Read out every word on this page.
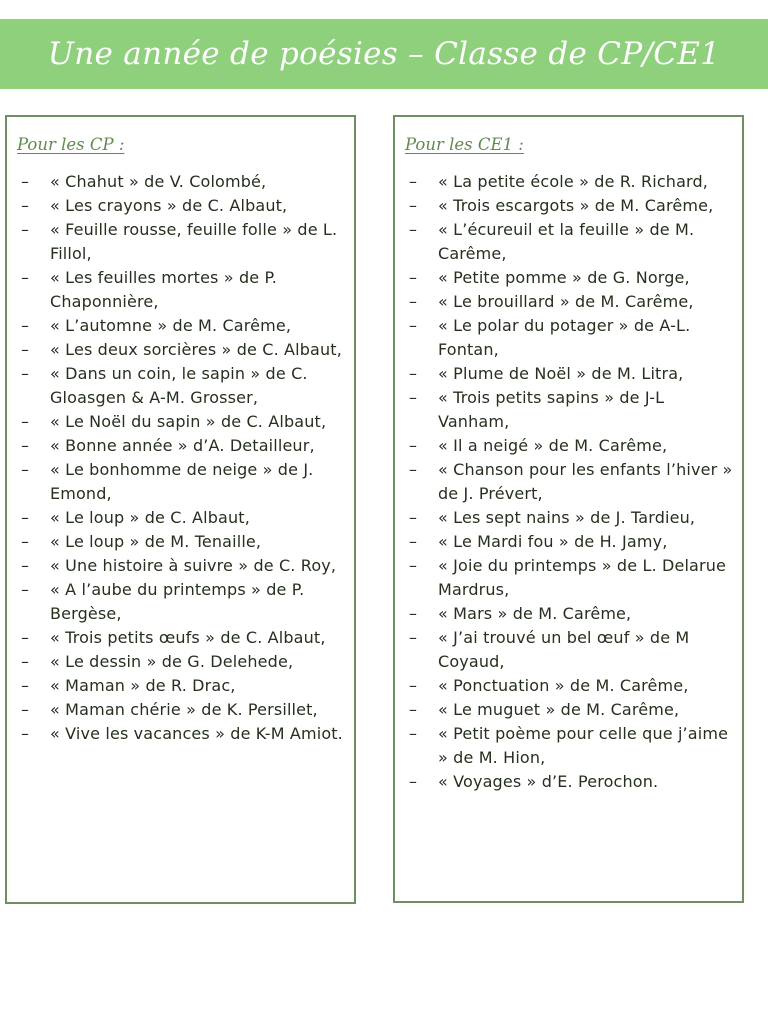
Une année de poésies – Classe de CP/CE1
Pour les CP :
– « Chahut » de V. Colombé,
– « Les crayons » de C. Albaut,
– « Feuille rousse, feuille folle » de L. Fillol,
– « Les feuilles mortes » de P. Chaponnière,
– « L’automne » de M. Carême,
– « Les deux sorcières » de C. Albaut,
– « Dans un coin, le sapin » de C. Gloasgen & A-M. Grosser,
– « Le Noël du sapin » de C. Albaut,
– « Bonne année » d’A. Detailleur,
– « Le bonhomme de neige » de J. Emond,
– « Le loup » de C. Albaut,
– « Le loup » de M. Tenaille,
– « Une histoire à suivre » de C. Roy,
– « A l’aube du printemps » de P. Bergèse,
– « Trois petits œufs » de C. Albaut,
– « Le dessin » de G. Delehede,
– « Maman » de R. Drac,
– « Maman chérie » de K. Persillet,
– « Vive les vacances » de K-M Amiot.
Pour les CE1 :
– « La petite école » de R. Richard,
– « Trois escargots » de M. Carême,
– « L’écureuil et la feuille » de M. Carême,
– « Petite pomme » de G. Norge,
– « Le brouillard » de M. Carême,
– « Le polar du potager » de A-L. Fontan,
– « Plume de Noël » de M. Litra,
– « Trois petits sapins » de J-L Vanham,
– « Il a neigé » de M. Carême,
– « Chanson pour les enfants l’hiver » de J. Prévert,
– « Les sept nains » de J. Tardieu,
– « Le Mardi fou » de H. Jamy,
– « Joie du printemps » de L. Delarue Mardrus,
– « Mars » de M. Carême,
– « J’ai trouvé un bel œuf » de M Coyaud,
– « Ponctuation » de M. Carême,
– « Le muguet » de M. Carême,
– « Petit poème pour celle que j’aime » de M. Hion,
– « Voyages » d’E. Perochon.
